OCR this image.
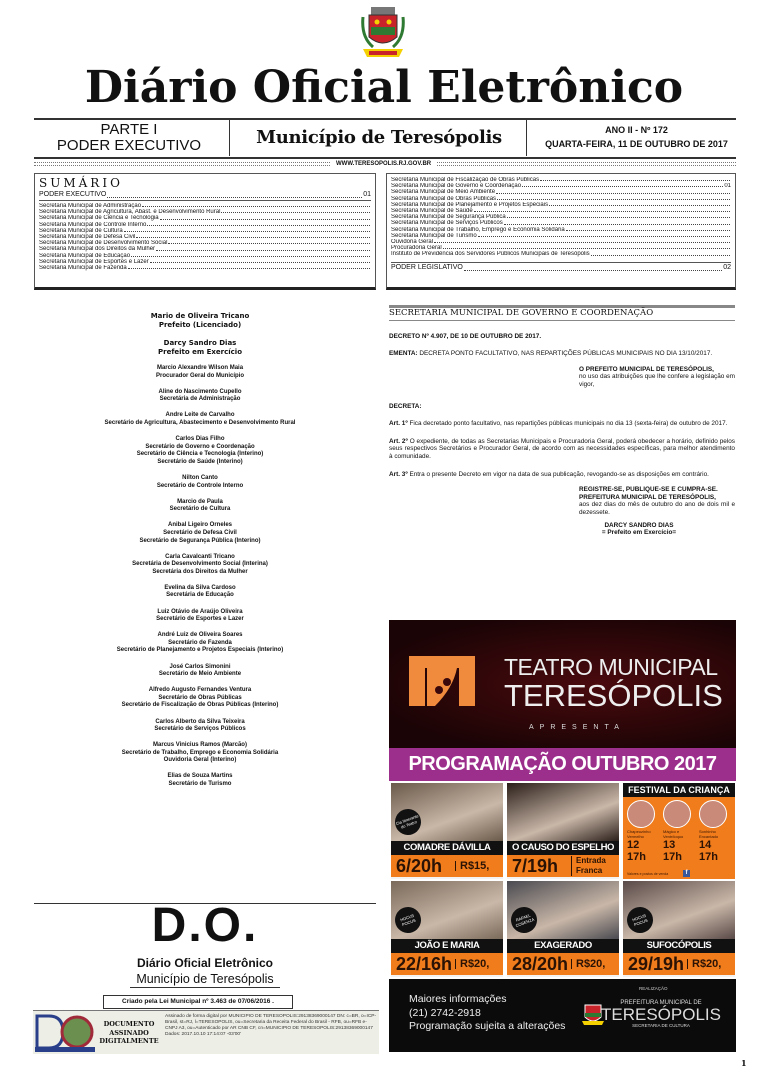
Diário Oficial Eletrônico
PARTE I
PODER EXECUTIVO	Município de Teresópolis	ANO II - Nº 172
QUARTA-FEIRA, 11 DE OUTUBRO DE 2017
WWW.TERESOPOLIS.RJ.GOV.BR
SUMÁRIO
PODER EXECUTIVO	01
Secretaria Municipal de Administração
Secretaria Municipal de Agricultura, Abast. e Desenvolvimento Rural
Secretaria Municipal de Ciência e Tecnologia
Secretaria Municipal de Controle Interno
Secretaria Municipal de Cultura
Secretaria Municipal de Defesa Civil
Secretaria Municipal de Desenvolvimento Social
Secretaria Municipal dos Direitos da Mulher
Secretaria Municipal de Educação
Secretaria Municipal de Esportes e Lazer
Secretaria Municipal de Fazenda
Secretaria Municipal de Fiscalização de Obras Públicas
Secretaria Municipal de Governo e Coordenação	01
Secretaria Municipal de Meio Ambiente
Secretaria Municipal de Obras Públicas
Secretaria Municipal de Planejamento e Projetos Especiais
Secretaria Municipal de Saúde
Secretaria Municipal de Segurança Pública
Secretaria Municipal de Serviços Públicos
Secretaria Municipal de Trabalho, Emprego e Economia Solidária
Secretaria Municipal de Turismo
Ouvidoria Geral
Procuradoria Geral
Instituto de Previdência dos Servidores Públicos Municipais de Teresópolis
PODER LEGISLATIVO	02
Mario de Oliveira Tricano
Prefeito (Licenciado)
Darcy Sandro Dias
Prefeito em Exercício
Marcio Alexandre Wilson Maia
Procurador Geral do Município
Aline do Nascimento Cupello
Secretária de Administração
Andre Leite de Carvalho
Secretário de Agricultura, Abastecimento e Desenvolvimento Rural
Carlos Dias Filho
Secretário de Governo e Coordenação
Secretário de Ciência e Tecnologia (Interino)
Secretário de Saúde (Interino)
Nilton Canto
Secretário de Controle Interno
Marcio de Paula
Secretário de Cultura
Anibal Ligeiro Orneles
Secretário de Defesa Civil
Secretário de Segurança Pública (Interino)
Carla Cavalcanti Tricano
Secretária de Desenvolvimento Social (Interina)
Secretária dos Direitos da Mulher
Evelina da Silva Cardoso
Secretária de Educação
Luiz Otávio de Araújo Oliveira
Secretário de Esportes e Lazer
André Luiz de Oliveira Soares
Secretário de Fazenda
Secretário de Planejamento e Projetos Especiais (Interino)
José Carlos Simonini
Secretário de Meio Ambiente
Alfredo Augusto Fernandes Ventura
Secretário de Obras Públicas
Secretário de Fiscalização de Obras Públicas (Interino)
Carlos Alberto da Silva Teixeira
Secretário de Serviços Públicos
Marcus Vinicius Ramos (Marcão)
Secretário de Trabalho, Emprego e Economia Solidária
Ouvidoria Geral (Interino)
Elias de Souza Martins
Secretário de Turismo
SECRETARIA MUNICIPAL DE GOVERNO E COORDENAÇÃO

DECRETO Nº 4.907, DE 10 DE OUTUBRO DE 2017.

EMENTA: DECRETA PONTO FACULTATIVO, NAS REPARTIÇÕES PÚBLICAS MUNICIPAIS NO DIA 13/10/2017.

O PREFEITO MUNICIPAL DE TERESÓPOLIS,
no uso das atribuições que lhe confere a legislação em vigor,

DECRETA:

Art. 1º Fica decretado ponto facultativo, nas repartições públicas municipais no dia 13 (sexta-feira) de outubro de 2017.

Art. 2º O expediente, de todas as Secretarias Municipais e Procuradoria Geral, poderá obedecer a horário, definido pelos seus respectivos Secretários e Procurador Geral, de acordo com as necessidades específicas, para melhor atendimento à comunidade.

Art. 3º Entra o presente Decreto em vigor na data de sua publicação, revogando-se as disposições em contrário.

REGISTRE-SE, PUBLIQUE-SE E CUMPRA-SE.
PREFEITURA MUNICIPAL DE TERESÓPOLIS,
aos dez dias do mês de outubro do ano de dois mil e dezessete.

DARCY SANDRO DIAS
= Prefeito em Exercício=

TEATRO MUNICIPAL
TERESÓPOLIS
APRESENTA
PROGRAMAÇÃO OUTUBRO 2017
Cia Itinerante do Teatro
COMADRE DÁVILLA
6/20h	R$15,
O CAUSO DO ESPELHO
7/19h	Entrada Franca
HOCUS POCUS
JOÃO E MARIA
22/16h R$20,
RAFAEL COSENZA
EXAGERADO
28/20h R$20,
HOCUS POCUS
SUFOCÓPOLIS
29/19h R$20,
FESTIVAL DA CRIANÇA
Chapeuzinho Vermelho
12
17h
Mágico e Ventríloquo
13
17h
Sonhinho Encantado
14
17h
Valores e postos de venda	f
Maiores informações
(21) 2742-2918
Programação sujeita a alterações
REALIZAÇÃO
PREFEITURA MUNICIPAL DE
TERESÓPOLIS
SECRETARIA DE CULTURA
D.O.
Diário Oficial Eletrônico
Município de Teresópolis
Criado pela Lei Municipal nº 3.463 de 07/06/2016 .
DOCUMENTO ASSINADO DIGITALMENTE
Assinado de forma digital por MUNICIPIO DE TERESOPOLIS:29138369000147 DN: c=BR, o=ICP-Brasil, st=RJ, l=TERESOPOLIS, ou=Secretaria da Receita Federal do Brasil - RFB, ou=RFB e-CNPJ A3, ou=Autenticado por AR CNB CF, cn=MUNICIPIO DE TERESOPOLIS:29138369000147 Dados: 2017.10.10 17:14:07 -03'00'
1
